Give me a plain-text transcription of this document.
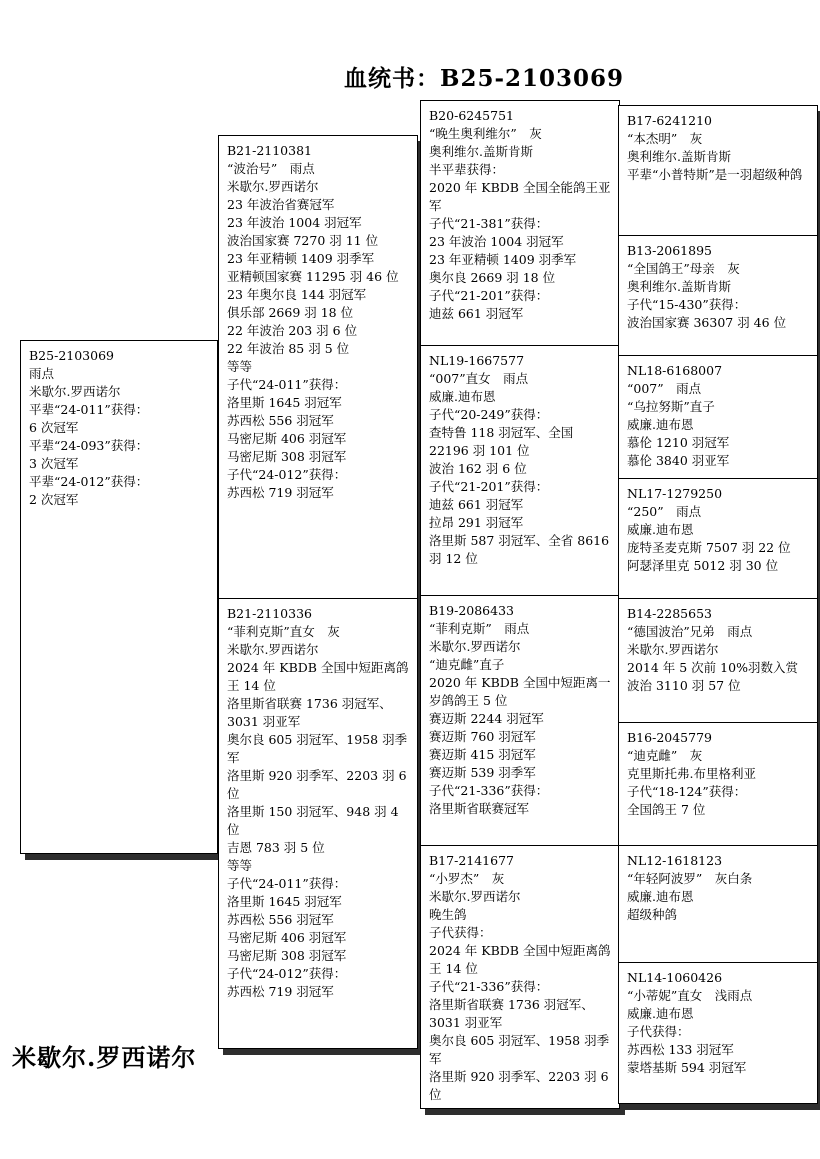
血统书：B25-2103069
B25-2103069
雨点
米歇尔.罗西诺尔
平辈“24-011”获得：
6 次冠军
平辈“24-093”获得：
3 次冠军
平辈“24-012”获得：
2 次冠军
B21-2110381
“波治号”　雨点
米歇尔.罗西诺尔
23 年波治省赛冠军
23 年波治 1004 羽冠军
波治国家赛 7270 羽 11 位
23 年亚精顿 1409 羽季军
亚精顿国家赛 11295 羽 46 位
23 年奥尔良 144 羽冠军
俱乐部 2669 羽 18 位
22 年波治 203 羽 6 位
22 年波治 85 羽 5 位
等等
子代“24-011”获得：
洛里斯 1645 羽冠军
苏西松 556 羽冠军
马密尼斯 406 羽冠军
马密尼斯 308 羽冠军
子代“24-012”获得：
苏西松 719 羽冠军
B21-2110336
“菲利克斯”直女　灰
米歇尔.罗西诺尔
2024 年 KBDB 全国中短距离鸽王 14 位
洛里斯省联赛 1736 羽冠军、3031 羽亚军
奥尔良 605 羽冠军、1958 羽季军
洛里斯 920 羽季军、2203 羽 6 位
洛里斯 150 羽冠军、948 羽 4 位
吉恩 783 羽 5 位
等等
子代“24-011”获得：
洛里斯 1645 羽冠军
苏西松 556 羽冠军
马密尼斯 406 羽冠军
马密尼斯 308 羽冠军
子代“24-012”获得：
苏西松 719 羽冠军
B20-6245751
“晚生奥利维尔”　灰
奥利维尔.盖斯肯斯
半平辈获得：
2020 年 KBDB 全国全能鸽王亚军
子代“21-381”获得：
23 年波治 1004 羽冠军
23 年亚精顿 1409 羽季军
奥尔良 2669 羽 18 位
子代“21-201”获得：
迪兹 661 羽冠军
NL19-1667577
“007”直女　雨点
威廉.迪布恩
子代“20-249”获得：
查特鲁 118 羽冠军、全国 22196 羽 101 位
波治 162 羽 6 位
子代“21-201”获得：
迪兹 661 羽冠军
拉昂 291 羽冠军
洛里斯 587 羽冠军、全省 8616 羽 12 位
B19-2086433
“菲利克斯”　雨点
米歇尔.罗西诺尔
“迪克雌”直子
2020 年 KBDB 全国中短距离一岁鸽鸽王 5 位
赛迈斯 2244 羽冠军
赛迈斯 760 羽冠军
赛迈斯 415 羽冠军
赛迈斯 539 羽季军
子代“21-336”获得：
洛里斯省联赛冠军
B17-2141677
“小罗杰”　灰
米歇尔.罗西诺尔
晚生鸽
子代获得：
2024 年 KBDB 全国中短距离鸽王 14 位
子代“21-336”获得：
洛里斯省联赛 1736 羽冠军、3031 羽亚军
奥尔良 605 羽冠军、1958 羽季军
洛里斯 920 羽季军、2203 羽 6 位
B17-6241210
“本杰明”　灰
奥利维尔.盖斯肯斯
平辈“小普特斯”是一羽超级种鸽
B13-2061895
“全国鸽王”母亲　灰
奥利维尔.盖斯肯斯
子代“15-430”获得：
波治国家赛 36307 羽 46 位
NL18-6168007
“007”　雨点
“乌拉努斯”直子
威廉.迪布恩
慕伦 1210 羽冠军
慕伦 3840 羽亚军
NL17-1279250
“250”　雨点
威廉.迪布恩
庞特圣麦克斯 7507 羽 22 位
阿瑟泽里克 5012 羽 30 位
B14-2285653
“德国波治”兄弟　雨点
米歇尔.罗西诺尔
2014 年 5 次前 10%羽数入赏
波治 3110 羽 57 位
B16-2045779
“迪克雌”　灰
克里斯托弗.布里格利亚
子代“18-124”获得：
全国鸽王 7 位
NL12-1618123
“年轻阿波罗”　灰白条
威廉.迪布恩
超级种鸽
NL14-1060426
“小蒂妮”直女　浅雨点
威廉.迪布恩
子代获得：
苏西松 133 羽冠军
蒙塔基斯 594 羽冠军
米歇尔.罗西诺尔
